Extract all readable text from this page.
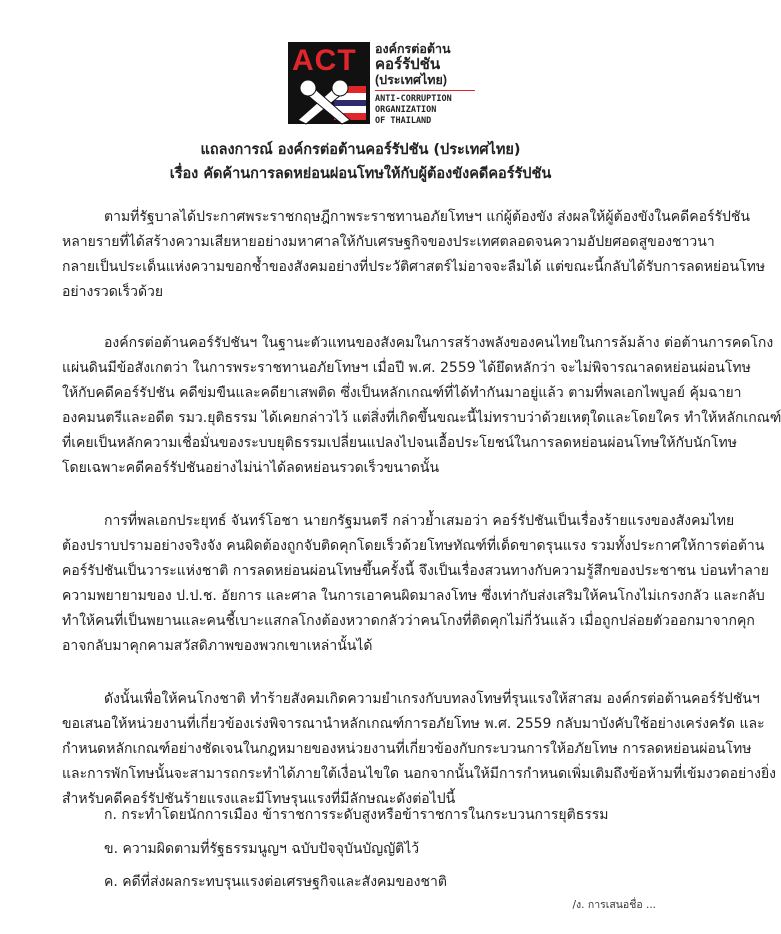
ACT องค์กรต่อต้าน
คอร์รัปชัน
(ประเทศไทย)
ANTI-CORRUPTION
ORGANIZATION
OF THAILAND
แถลงการณ์ องค์กรต่อต้านคอร์รัปชัน (ประเทศไทย)
เรื่อง คัดค้านการลดหย่อนผ่อนโทษให้กับผู้ต้องขังคดีคอร์รัปชัน
ตามที่รัฐบาลได้ประกาศพระราชกฤษฎีกาพระราชทานอภัยโทษฯ แก่ผู้ต้องขัง ส่งผลให้ผู้ต้องขังในคดีคอร์รัปชัน
หลายรายที่ได้สร้างความเสียหายอย่างมหาศาลให้กับเศรษฐกิจของประเทศตลอดจนความอัปยศอดสูของชาวนา
กลายเป็นประเด็นแห่งความขอกช้ำของสังคมอย่างที่ประวัติศาสตร์ไม่อาจจะลืมได้ แต่ขณะนี้กลับได้รับการลดหย่อนโทษ
อย่างรวดเร็วด้วย
องค์กรต่อต้านคอร์รัปชันฯ ในฐานะตัวแทนของสังคมในการสร้างพลังของคนไทยในการล้มล้าง ต่อต้านการคดโกง
แผ่นดินมีข้อสังเกตว่า ในการพระราชทานอภัยโทษฯ เมื่อปี พ.ศ. 2559 ได้ยึดหลักว่า จะไม่พิจารณาลดหย่อนผ่อนโทษ
ให้กับคดีคอร์รัปชัน คดีข่มขืนและคดียาเสพติด ซึ่งเป็นหลักเกณฑ์ที่ได้ทำกันมาอยู่แล้ว ตามที่พลเอกไพบูลย์ คุ้มฉายา
องคมนตรีและอดีต รมว.ยุติธรรม ได้เคยกล่าวไว้ แต่สิ่งที่เกิดขึ้นขณะนี้ไม่ทราบว่าด้วยเหตุใดและโดยใคร ทำให้หลักเกณฑ์
ที่เคยเป็นหลักความเชื่อมั่นของระบบยุติธรรมเปลี่ยนแปลงไปจนเอื้อประโยชน์ในการลดหย่อนผ่อนโทษให้กับนักโทษ
โดยเฉพาะคดีคอร์รัปชันอย่างไม่น่าได้ลดหย่อนรวดเร็วขนาดนั้น
การที่พลเอกประยุทธ์ จันทร์โอชา นายกรัฐมนตรี กล่าวย้ำเสมอว่า คอร์รัปชันเป็นเรื่องร้ายแรงของสังคมไทย
ต้องปราบปรามอย่างจริงจัง คนผิดต้องถูกจับติดคุกโดยเร็วด้วยโทษทัณฑ์ที่เด็ดขาดรุนแรง รวมทั้งประกาศให้การต่อต้าน
คอร์รัปชันเป็นวาระแห่งชาติ การลดหย่อนผ่อนโทษขึ้นครั้งนี้ จึงเป็นเรื่องสวนทางกับความรู้สึกของประชาชน บ่อนทำลาย
ความพยายามของ ป.ป.ช. อัยการ และศาล ในการเอาคนผิดมาลงโทษ ซึ่งเท่ากับส่งเสริมให้คนโกงไม่เกรงกลัว และกลับ
ทำให้คนที่เป็นพยานและคนชี้เบาะแสกลโกงต้องหวาดกลัวว่าคนโกงที่ติดคุกไม่กี่วันแล้ว เมื่อถูกปล่อยตัวออกมาจากคุก
อาจกลับมาคุกคามสวัสดิภาพของพวกเขาเหล่านั้นได้
ดังนั้นเพื่อให้คนโกงชาติ ทำร้ายสังคมเกิดความยำเกรงกับบทลงโทษที่รุนแรงให้สาสม องค์กรต่อต้านคอร์รัปชันฯ
ขอเสนอให้หน่วยงานที่เกี่ยวข้องเร่งพิจารณานำหลักเกณฑ์การอภัยโทษ พ.ศ. 2559 กลับมาบังคับใช้อย่างเคร่งครัด และ
กำหนดหลักเกณฑ์อย่างชัดเจนในกฎหมายของหน่วยงานที่เกี่ยวข้องกับกระบวนการให้อภัยโทษ การลดหย่อนผ่อนโทษ
และการพักโทษนั้นจะสามารถกระทำได้ภายใต้เงื่อนไขใด นอกจากนั้นให้มีการกำหนดเพิ่มเติมถึงข้อห้ามที่เข้มงวดอย่างยิ่ง
สำหรับคดีคอร์รัปชันร้ายแรงและมีโทษรุนแรงที่มีลักษณะดังต่อไปนี้
ก. กระทำโดยนักการเมือง ข้าราชการระดับสูงหรือข้าราชการในกระบวนการยุติธรรม
ข. ความผิดตามที่รัฐธรรมนูญฯ ฉบับปัจจุบันบัญญัติไว้
ค. คดีที่ส่งผลกระทบรุนแรงต่อเศรษฐกิจและสังคมของชาติ
/ง. การเสนอชื่อ ...
